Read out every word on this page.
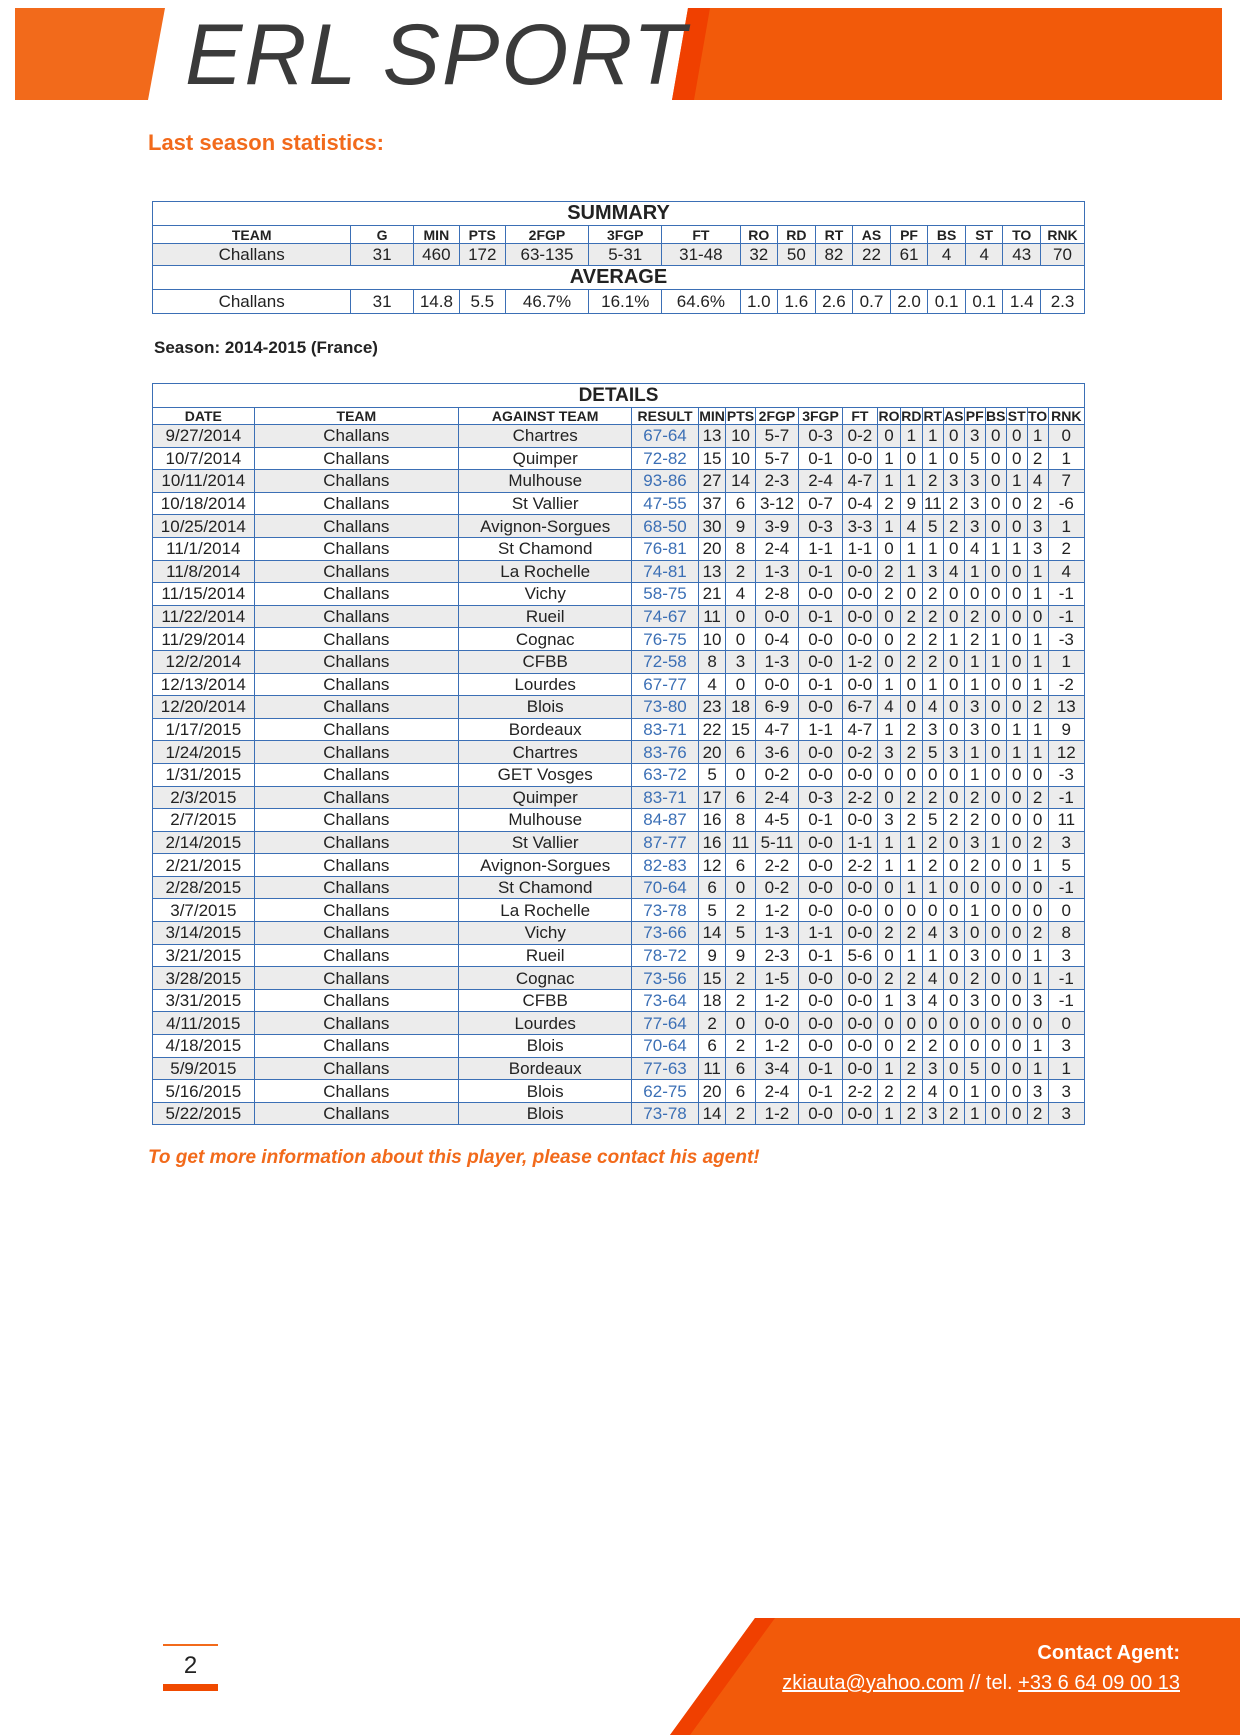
ERL SPORT
Last season statistics:
SUMMARY															
TEAM	G	MIN	PTS	2FGP	3FGP	FT	RO	RD	RT	AS	PF	BS	ST	TO	RNK
Challans	31	460	172	63-135	5-31	31-48	32	50	82	22	61	4	4	43	70
AVERAGE															
Challans	31	14.8	5.5	46.7%	16.1%	64.6%	1.0	1.6	2.6	0.7	2.0	0.1	0.1	1.4	2.3
Season: 2014-2015 (France)
DETAILS																	
DATE	TEAM	AGAINST TEAM	RESULT	MIN	PTS	2FGP	3FGP	FT	RO	RD	RT	AS	PF	BS	ST	TO	RNK
9/27/2014	Challans	Chartres	67-64	13	10	5-7	0-3	0-2	0	1	1	0	3	0	0	1	0
10/7/2014	Challans	Quimper	72-82	15	10	5-7	0-1	0-0	1	0	1	0	5	0	0	2	1
10/11/2014	Challans	Mulhouse	93-86	27	14	2-3	2-4	4-7	1	1	2	3	3	0	1	4	7
10/18/2014	Challans	St Vallier	47-55	37	6	3-12	0-7	0-4	2	9	11	2	3	0	0	2	-6
10/25/2014	Challans	Avignon-Sorgues	68-50	30	9	3-9	0-3	3-3	1	4	5	2	3	0	0	3	1
11/1/2014	Challans	St Chamond	76-81	20	8	2-4	1-1	1-1	0	1	1	0	4	1	1	3	2
11/8/2014	Challans	La Rochelle	74-81	13	2	1-3	0-1	0-0	2	1	3	4	1	0	0	1	4
11/15/2014	Challans	Vichy	58-75	21	4	2-8	0-0	0-0	2	0	2	0	0	0	0	1	-1
11/22/2014	Challans	Rueil	74-67	11	0	0-0	0-1	0-0	0	2	2	0	2	0	0	0	-1
11/29/2014	Challans	Cognac	76-75	10	0	0-4	0-0	0-0	0	2	2	1	2	1	0	1	-3
12/2/2014	Challans	CFBB	72-58	8	3	1-3	0-0	1-2	0	2	2	0	1	1	0	1	1
12/13/2014	Challans	Lourdes	67-77	4	0	0-0	0-1	0-0	1	0	1	0	1	0	0	1	-2
12/20/2014	Challans	Blois	73-80	23	18	6-9	0-0	6-7	4	0	4	0	3	0	0	2	13
1/17/2015	Challans	Bordeaux	83-71	22	15	4-7	1-1	4-7	1	2	3	0	3	0	1	1	9
1/24/2015	Challans	Chartres	83-76	20	6	3-6	0-0	0-2	3	2	5	3	1	0	1	1	12
1/31/2015	Challans	GET Vosges	63-72	5	0	0-2	0-0	0-0	0	0	0	0	1	0	0	0	-3
2/3/2015	Challans	Quimper	83-71	17	6	2-4	0-3	2-2	0	2	2	0	2	0	0	2	-1
2/7/2015	Challans	Mulhouse	84-87	16	8	4-5	0-1	0-0	3	2	5	2	2	0	0	0	11
2/14/2015	Challans	St Vallier	87-77	16	11	5-11	0-0	1-1	1	1	2	0	3	1	0	2	3
2/21/2015	Challans	Avignon-Sorgues	82-83	12	6	2-2	0-0	2-2	1	1	2	0	2	0	0	1	5
2/28/2015	Challans	St Chamond	70-64	6	0	0-2	0-0	0-0	0	1	1	0	0	0	0	0	-1
3/7/2015	Challans	La Rochelle	73-78	5	2	1-2	0-0	0-0	0	0	0	0	1	0	0	0	0
3/14/2015	Challans	Vichy	73-66	14	5	1-3	1-1	0-0	2	2	4	3	0	0	0	2	8
3/21/2015	Challans	Rueil	78-72	9	9	2-3	0-1	5-6	0	1	1	0	3	0	0	1	3
3/28/2015	Challans	Cognac	73-56	15	2	1-5	0-0	0-0	2	2	4	0	2	0	0	1	-1
3/31/2015	Challans	CFBB	73-64	18	2	1-2	0-0	0-0	1	3	4	0	3	0	0	3	-1
4/11/2015	Challans	Lourdes	77-64	2	0	0-0	0-0	0-0	0	0	0	0	0	0	0	0	0
4/18/2015	Challans	Blois	70-64	6	2	1-2	0-0	0-0	0	2	2	0	0	0	0	1	3
5/9/2015	Challans	Bordeaux	77-63	11	6	3-4	0-1	0-0	1	2	3	0	5	0	0	1	1
5/16/2015	Challans	Blois	62-75	20	6	2-4	0-1	2-2	2	2	4	0	1	0	0	3	3
5/22/2015	Challans	Blois	73-78	14	2	1-2	0-0	0-0	1	2	3	2	1	0	0	2	3
To get more information about this player, please contact his agent!
2	Contact Agent:
zkiauta@yahoo.com // tel. +33 6 64 09 00 13
